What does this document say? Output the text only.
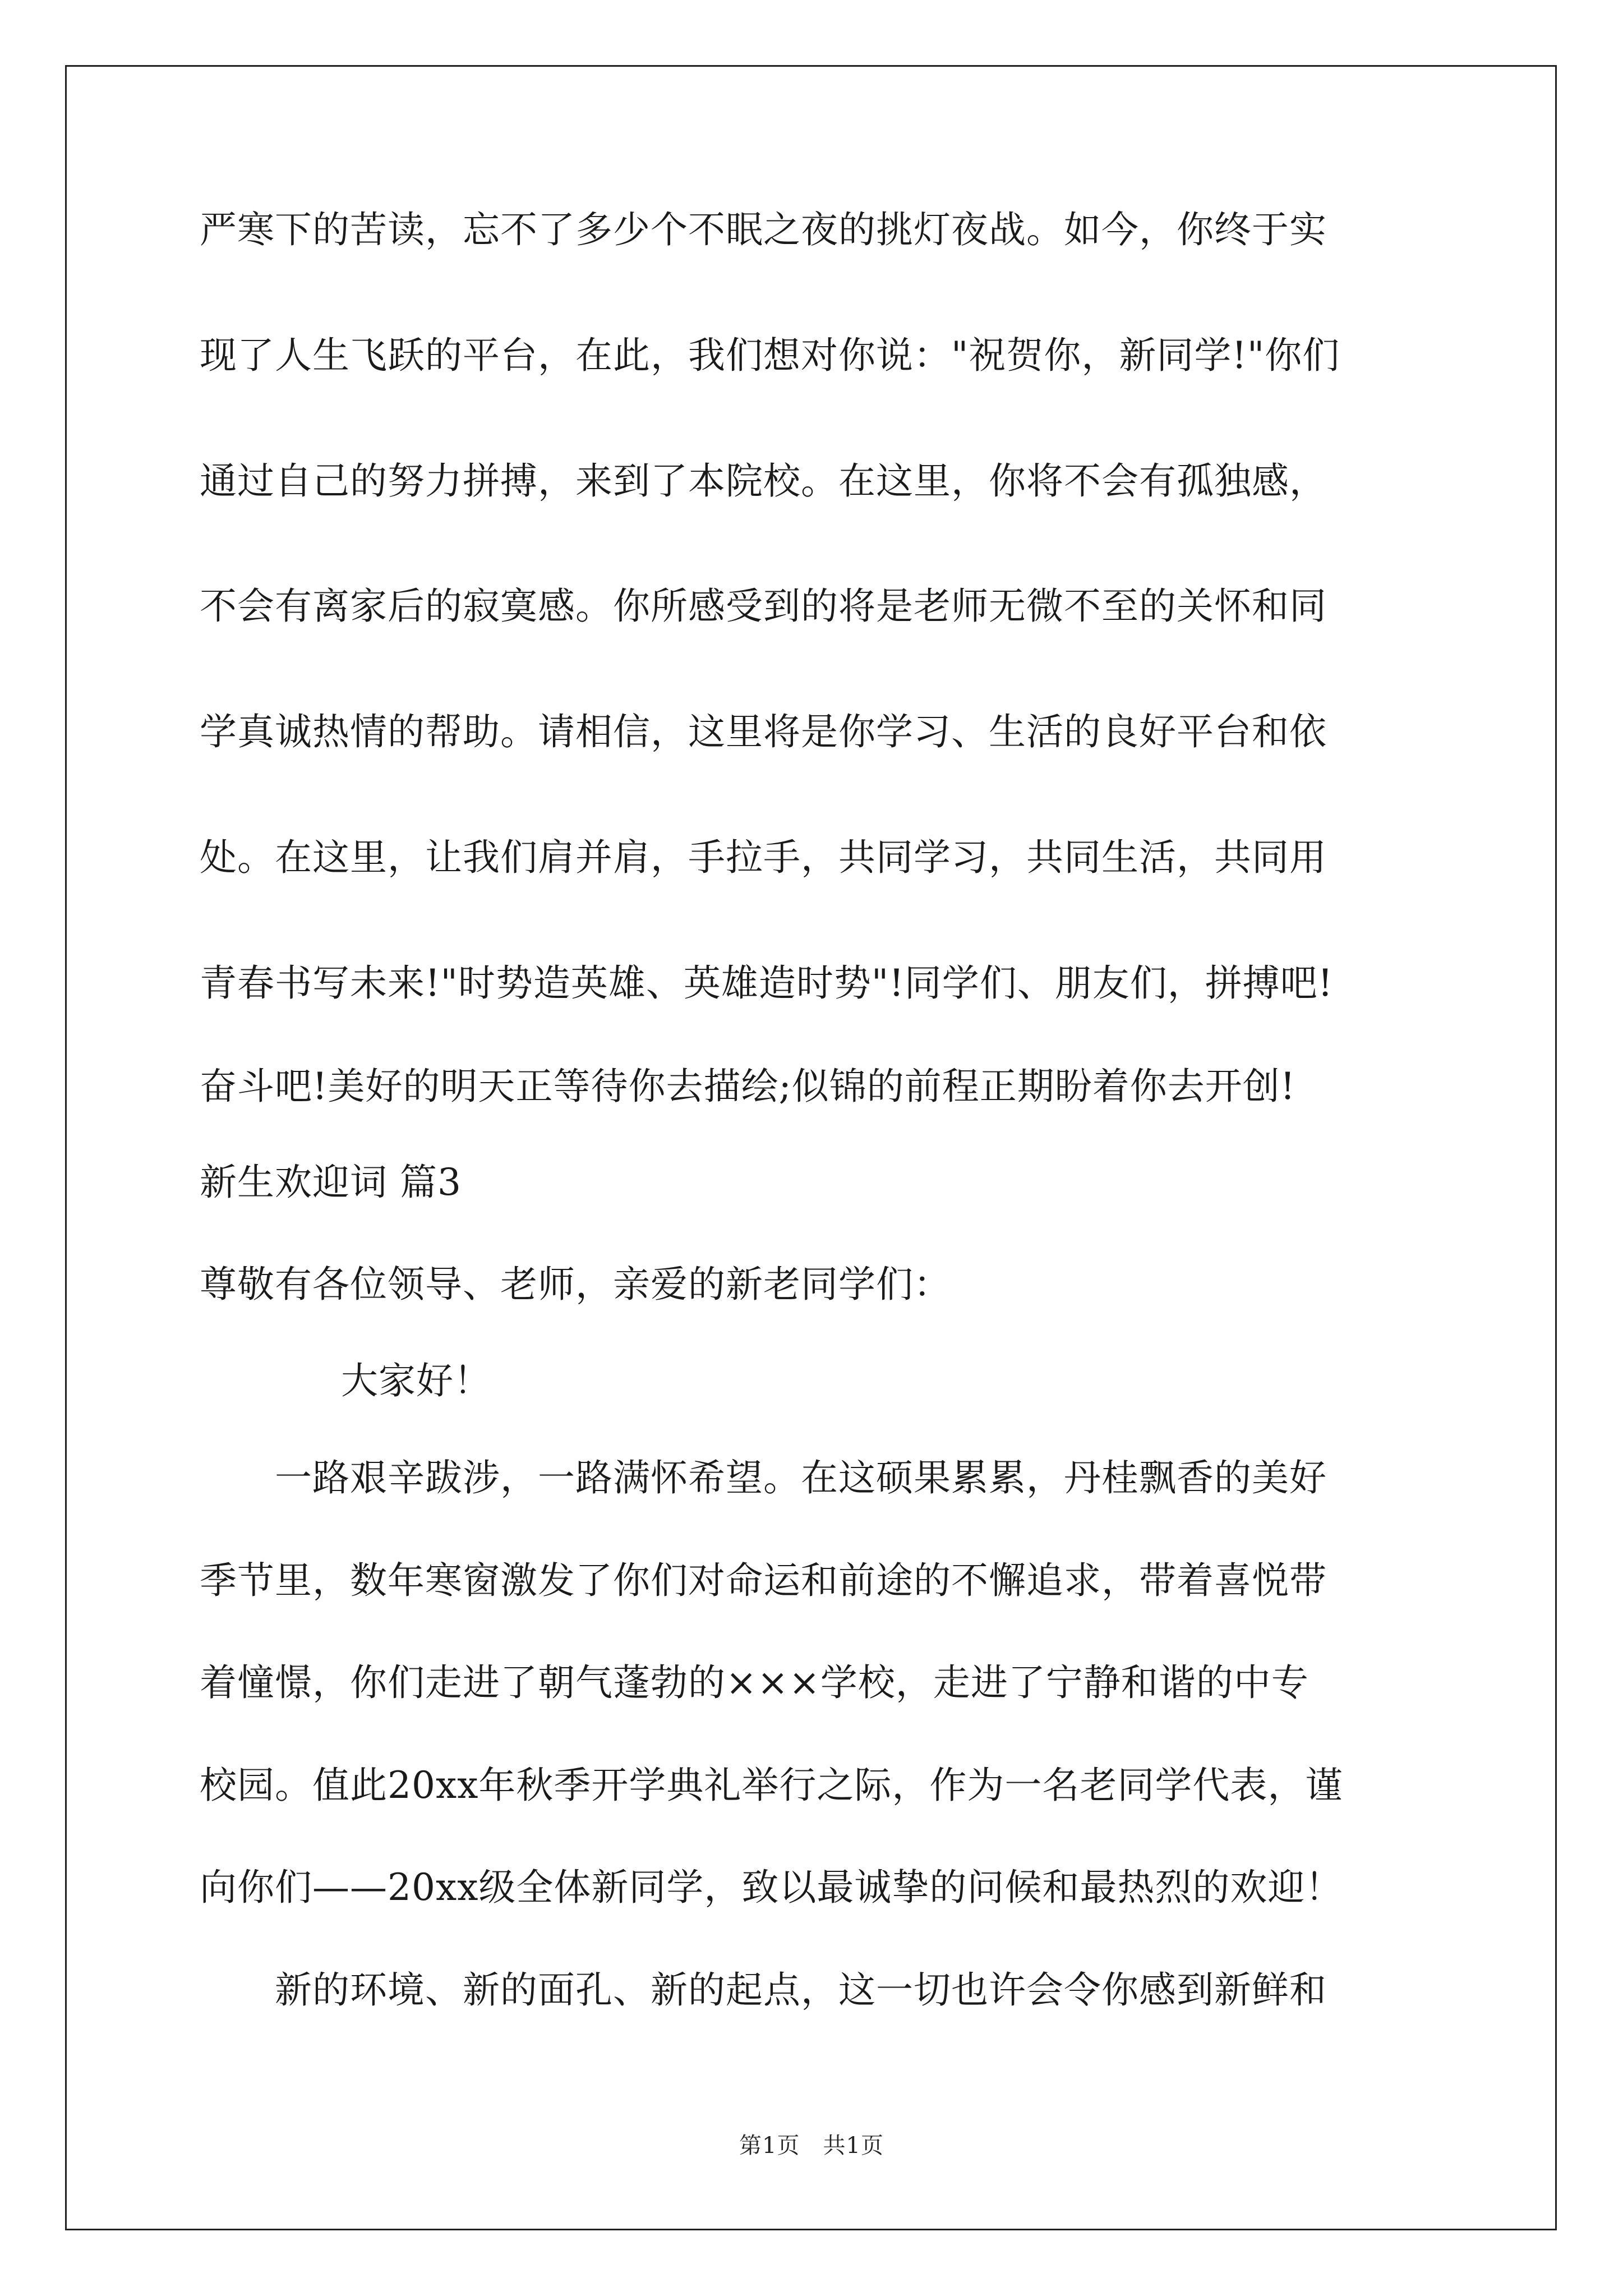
严寒下的苦读，忘不了多少个不眠之夜的挑灯夜战。如今，你终于实
现了人生飞跃的平台，在此，我们想对你说："祝贺你，新同学!"你们
通过自己的努力拼搏，来到了本院校。在这里，你将不会有孤独感，
不会有离家后的寂寞感。你所感受到的将是老师无微不至的关怀和同
学真诚热情的帮助。请相信，这里将是你学习、生活的良好平台和依
处。在这里，让我们肩并肩，手拉手，共同学习，共同生活，共同用
青春书写未来!"时势造英雄、英雄造时势"!同学们、朋友们，拼搏吧!
奋斗吧!美好的明天正等待你去描绘;似锦的前程正期盼着你去开创!
新生欢迎词 篇3
尊敬有各位领导、老师，亲爱的新老同学们：
大家好！
一路艰辛跋涉，一路满怀希望。在这硕果累累，丹桂飘香的美好
季节里，数年寒窗激发了你们对命运和前途的不懈追求，带着喜悦带
着憧憬，你们走进了朝气蓬勃的×××学校，走进了宁静和谐的中专
校园。值此20xx年秋季开学典礼举行之际，作为一名老同学代表，谨
向你们——20xx级全体新同学，致以最诚挚的问候和最热烈的欢迎！
新的环境、新的面孔、新的起点，这一切也许会令你感到新鲜和
第1页　共1页
